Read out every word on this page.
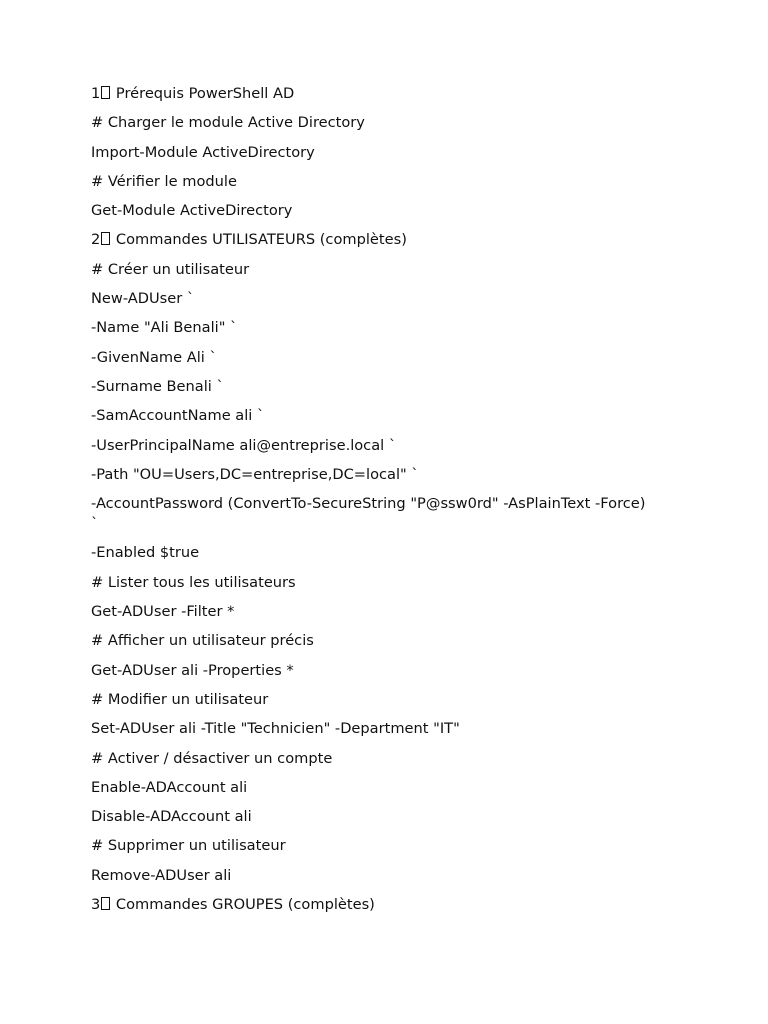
1 Prérequis PowerShell AD
# Charger le module Active Directory
Import-Module ActiveDirectory
# Vérifier le module
Get-Module ActiveDirectory
2 Commandes UTILISATEURS (complètes)
# Créer un utilisateur
New-ADUser `
-Name "Ali Benali" `
-GivenName Ali `
-Surname Benali `
-SamAccountName ali `
-UserPrincipalName ali@entreprise.local `
-Path "OU=Users,DC=entreprise,DC=local" `
-AccountPassword (ConvertTo-SecureString "P@ssw0rd" -AsPlainText -Force) `
-Enabled $true
# Lister tous les utilisateurs
Get-ADUser -Filter *
# Afficher un utilisateur précis
Get-ADUser ali -Properties *
# Modifier un utilisateur
Set-ADUser ali -Title "Technicien" -Department "IT"
# Activer / désactiver un compte
Enable-ADAccount ali
Disable-ADAccount ali
# Supprimer un utilisateur
Remove-ADUser ali
3 Commandes GROUPES (complètes)
